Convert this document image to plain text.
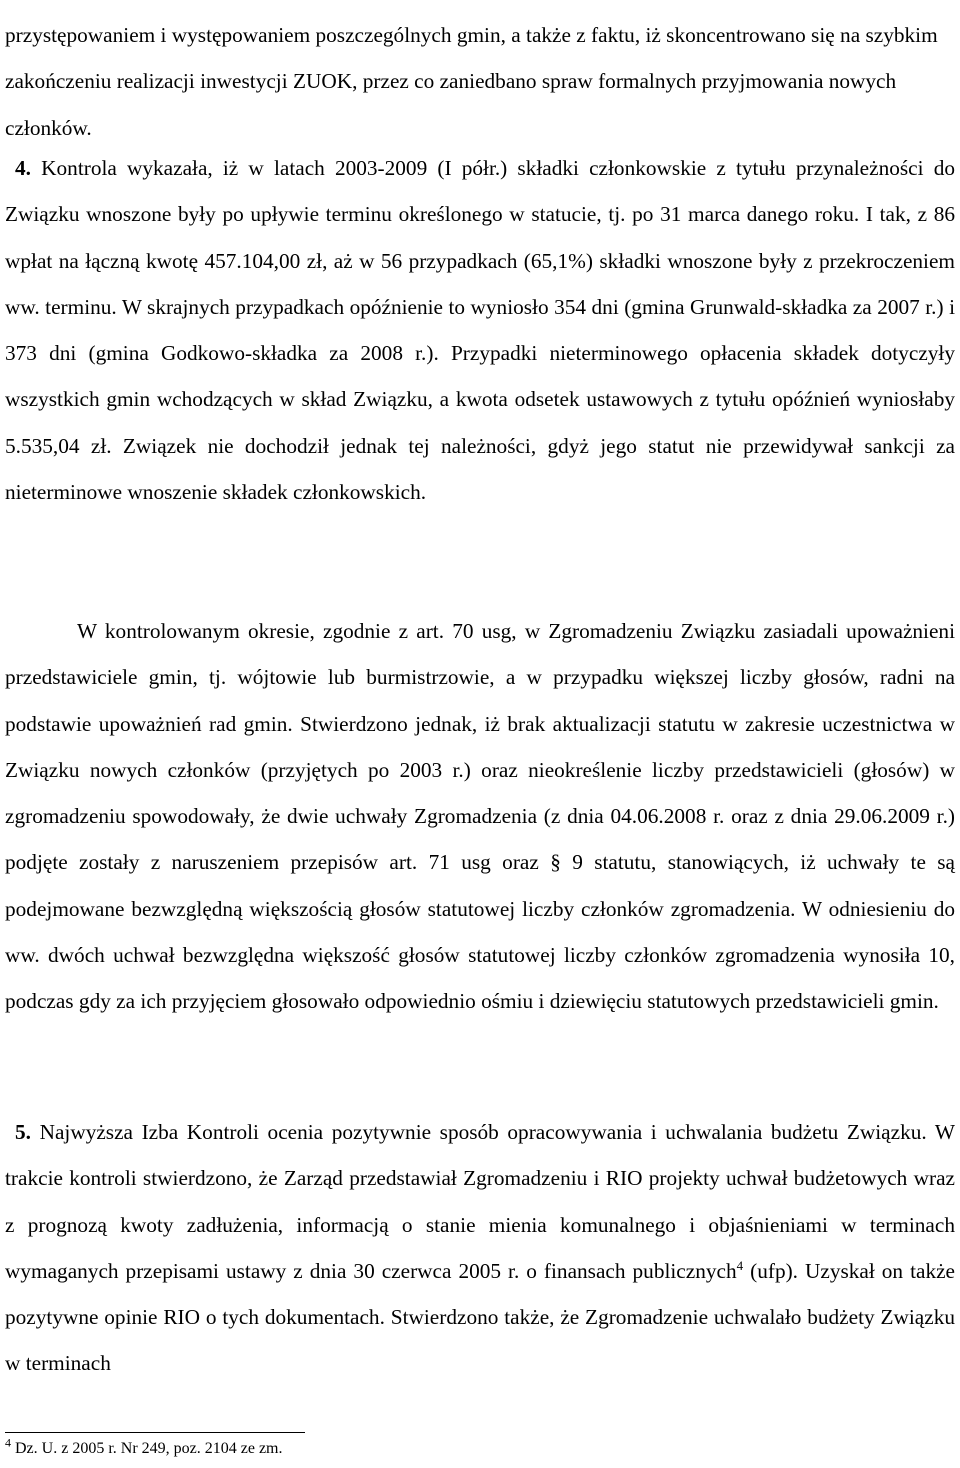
przystępowaniem i występowaniem poszczególnych gmin, a także z faktu, iż skoncentrowano się na szybkim zakończeniu realizacji inwestycji ZUOK, przez co zaniedbano spraw formalnych przyjmowania nowych członków.

4. Kontrola wykazała, iż w latach 2003-2009 (I półr.) składki członkowskie z tytułu przynależności do Związku wnoszone były po upływie terminu określonego w statucie, tj. po 31 marca danego roku. I tak, z 86 wpłat na łączną kwotę 457.104,00 zł, aż w 56 przypadkach (65,1%) składki wnoszone były z przekroczeniem ww. terminu. W skrajnych przypadkach opóźnienie to wyniosło 354 dni (gmina Grunwald-składka za 2007 r.) i 373 dni (gmina Godkowo-składka za 2008 r.). Przypadki nieterminowego opłacenia składek dotyczyły wszystkich gmin wchodzących w skład Związku, a kwota odsetek ustawowych z tytułu opóźnień wyniosłaby 5.535,04 zł. Związek nie dochodził jednak tej należności, gdyż jego statut nie przewidywał sankcji za nieterminowe wnoszenie składek członkowskich.

W kontrolowanym okresie, zgodnie z art. 70 usg, w Zgromadzeniu Związku zasiadali upoważnieni przedstawiciele gmin, tj. wójtowie lub burmistrzowie, a w przypadku większej liczby głosów, radni na podstawie upoważnień rad gmin. Stwierdzono jednak, iż brak aktualizacji statutu w zakresie uczestnictwa w Związku nowych członków (przyjętych po 2003 r.) oraz nieokreślenie liczby przedstawicieli (głosów) w zgromadzeniu spowodowały, że dwie uchwały Zgromadzenia (z dnia 04.06.2008 r. oraz z dnia 29.06.2009 r.) podjęte zostały z naruszeniem przepisów art. 71 usg oraz § 9 statutu, stanowiących, iż uchwały te są podejmowane bezwzględną większością głosów statutowej liczby członków zgromadzenia. W odniesieniu do ww. dwóch uchwał bezwzględna większość głosów statutowej liczby członków zgromadzenia wynosiła 10, podczas gdy za ich przyjęciem głosowało odpowiednio ośmiu i dziewięciu statutowych przedstawicieli gmin.

5. Najwyższa Izba Kontroli ocenia pozytywnie sposób opracowywania i uchwalania budżetu Związku. W trakcie kontroli stwierdzono, że Zarząd przedstawiał Zgromadzeniu i RIO projekty uchwał budżetowych wraz z prognozą kwoty zadłużenia, informacją o stanie mienia komunalnego i objaśnieniami w terminach wymaganych przepisami ustawy z dnia 30 czerwca 2005 r. o finansach publicznych$^4$ (ufp). Uzyskał on także pozytywne opinie RIO o tych dokumentach. Stwierdzono także, że Zgromadzenie uchwalało budżety Związku w terminach

$^4$ Dz. U. z 2005 r. Nr 249, poz. 2104 ze zm.
